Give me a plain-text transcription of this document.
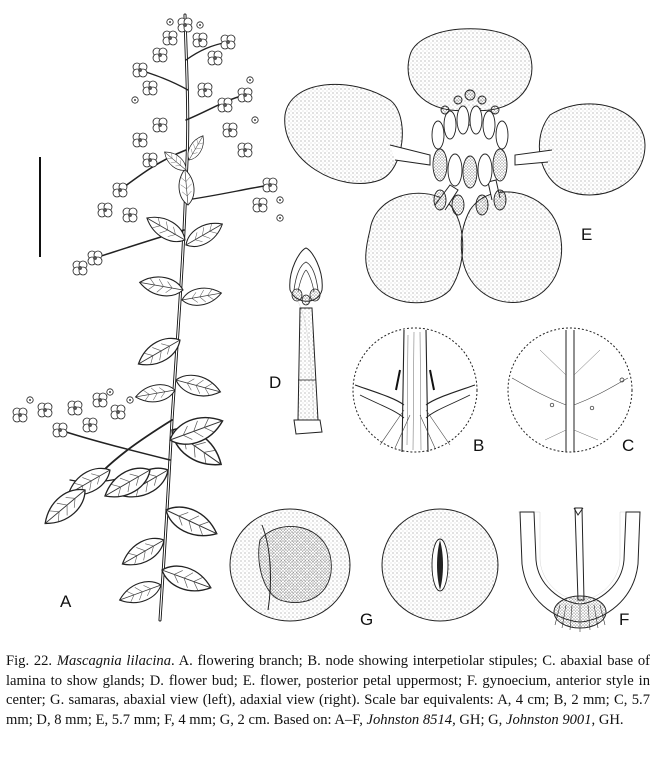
A
B	C
D
E
F
G
Fig. 22. Mascagnia lilacina. A. flowering branch; B. node showing interpetiolar stipules; C. abaxial base of lamina to show glands; D. flower bud; E. flower, posterior petal uppermost; F. gynoecium, anterior style in center; G. samaras, abaxial view (left), adaxial view (right). Scale bar equivalents: A, 4 cm; B, 2 mm; C, 5.7 mm; D, 8 mm; E, 5.7 mm; F, 4 mm; G, 2 cm. Based on: A–F, Johnston 8514, GH; G, Johnston 9001, GH.
